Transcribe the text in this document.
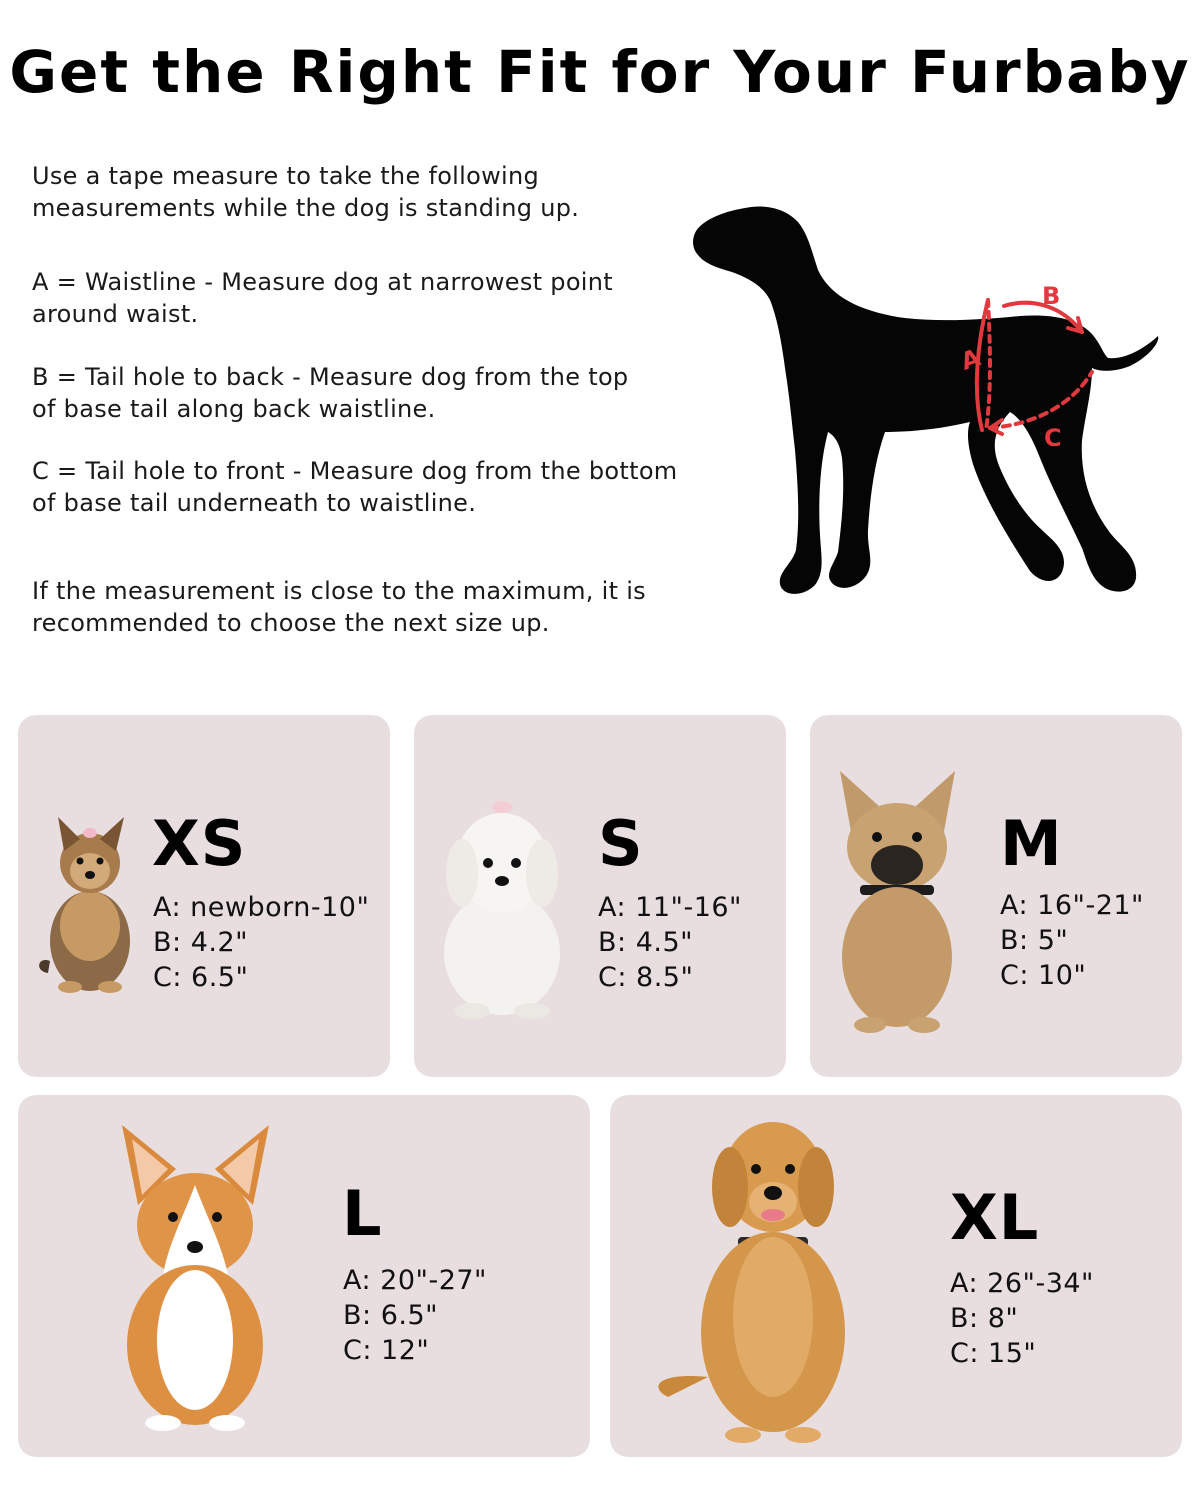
Get the Right Fit for Your Furbaby
Use a tape measure to take the following
measurements while the dog is standing up.
A = Waistline - Measure dog at narrowest point
around waist.
B = Tail hole to back - Measure dog from the top
of base tail along back waistline.
C = Tail hole to front - Measure dog from the bottom
of base tail underneath to waistline.
If the measurement is close to the maximum, it is
recommended to choose the next size up.
A
B
C
XS
A: newborn-10"
B: 4.2"
C: 6.5"
S
A: 11"-16"
B: 4.5"
C: 8.5"
M
A: 16"-21"
B: 5"
C: 10"
L
A: 20"-27"
B: 6.5"
C: 12"
XL
A: 26"-34"
B: 8"
C: 15"
